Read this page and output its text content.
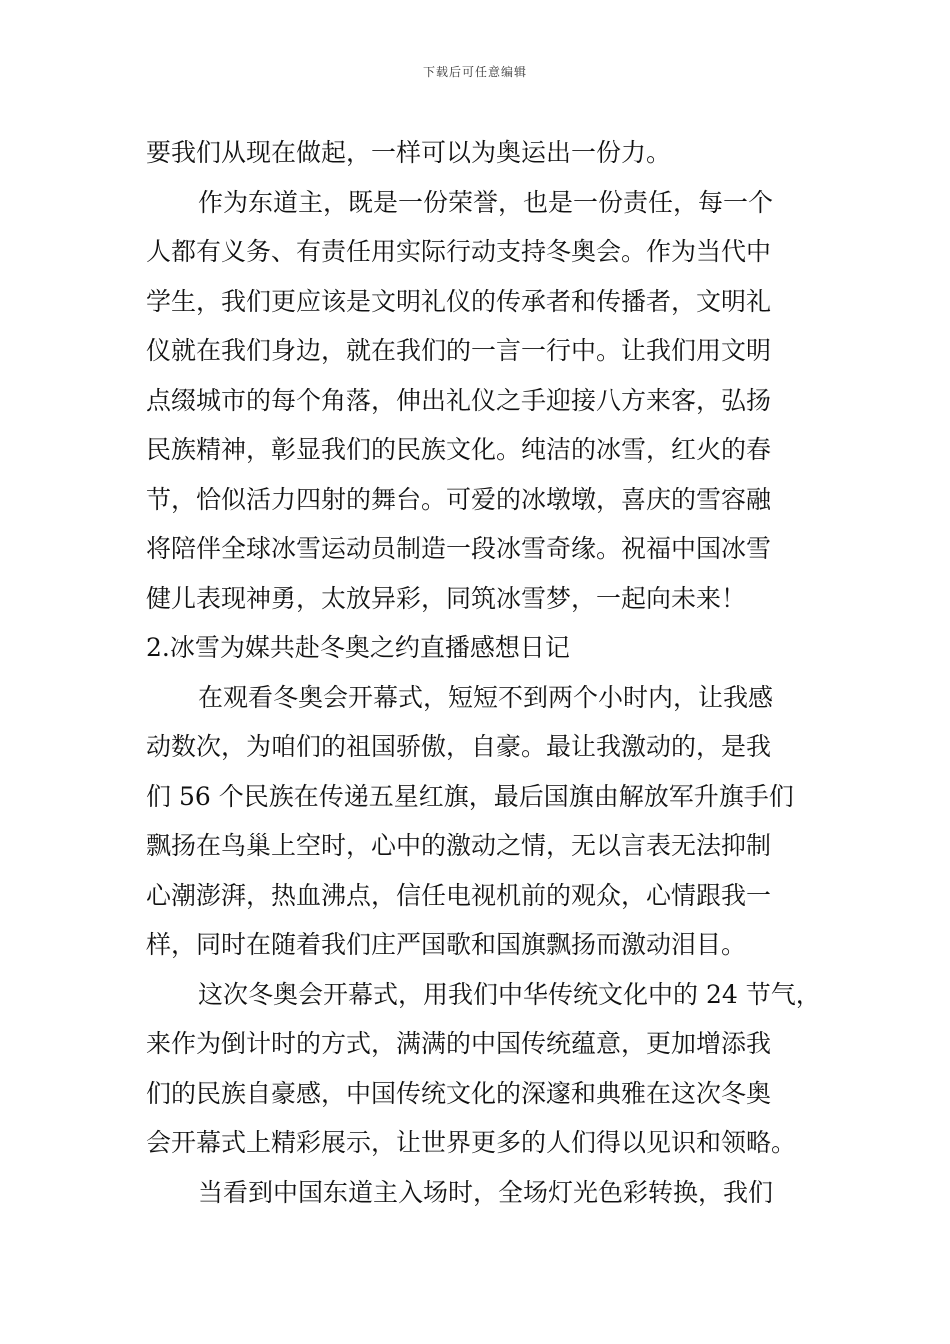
下载后可任意编辑
要我们从现在做起，一样可以为奥运出一份力。
作为东道主，既是一份荣誉，也是一份责任，每一个
人都有义务、有责任用实际行动支持冬奥会。作为当代中
学生，我们更应该是文明礼仪的传承者和传播者，文明礼
仪就在我们身边，就在我们的一言一行中。让我们用文明
点缀城市的每个角落，伸出礼仪之手迎接八方来客，弘扬
民族精神，彰显我们的民族文化。纯洁的冰雪，红火的春
节，恰似活力四射的舞台。可爱的冰墩墩，喜庆的雪容融
将陪伴全球冰雪运动员制造一段冰雪奇缘。祝福中国冰雪
健儿表现神勇，太放异彩，同筑冰雪梦，一起向未来！
2.冰雪为媒共赴冬奥之约直播感想日记
在观看冬奥会开幕式，短短不到两个小时内，让我感
动数次，为咱们的祖国骄傲，自豪。最让我激动的，是我
们 56 个民族在传递五星红旗，最后国旗由解放军升旗手们
飘扬在鸟巢上空时，心中的激动之情，无以言表无法抑制
心潮澎湃，热血沸点，信任电视机前的观众，心情跟我一
样，同时在随着我们庄严国歌和国旗飘扬而激动泪目。
这次冬奥会开幕式，用我们中华传统文化中的 24 节气，
来作为倒计时的方式，满满的中国传统蕴意，更加增添我
们的民族自豪感，中国传统文化的深邃和典雅在这次冬奥
会开幕式上精彩展示，让世界更多的人们得以见识和领略。
当看到中国东道主入场时，全场灯光色彩转换，我们
